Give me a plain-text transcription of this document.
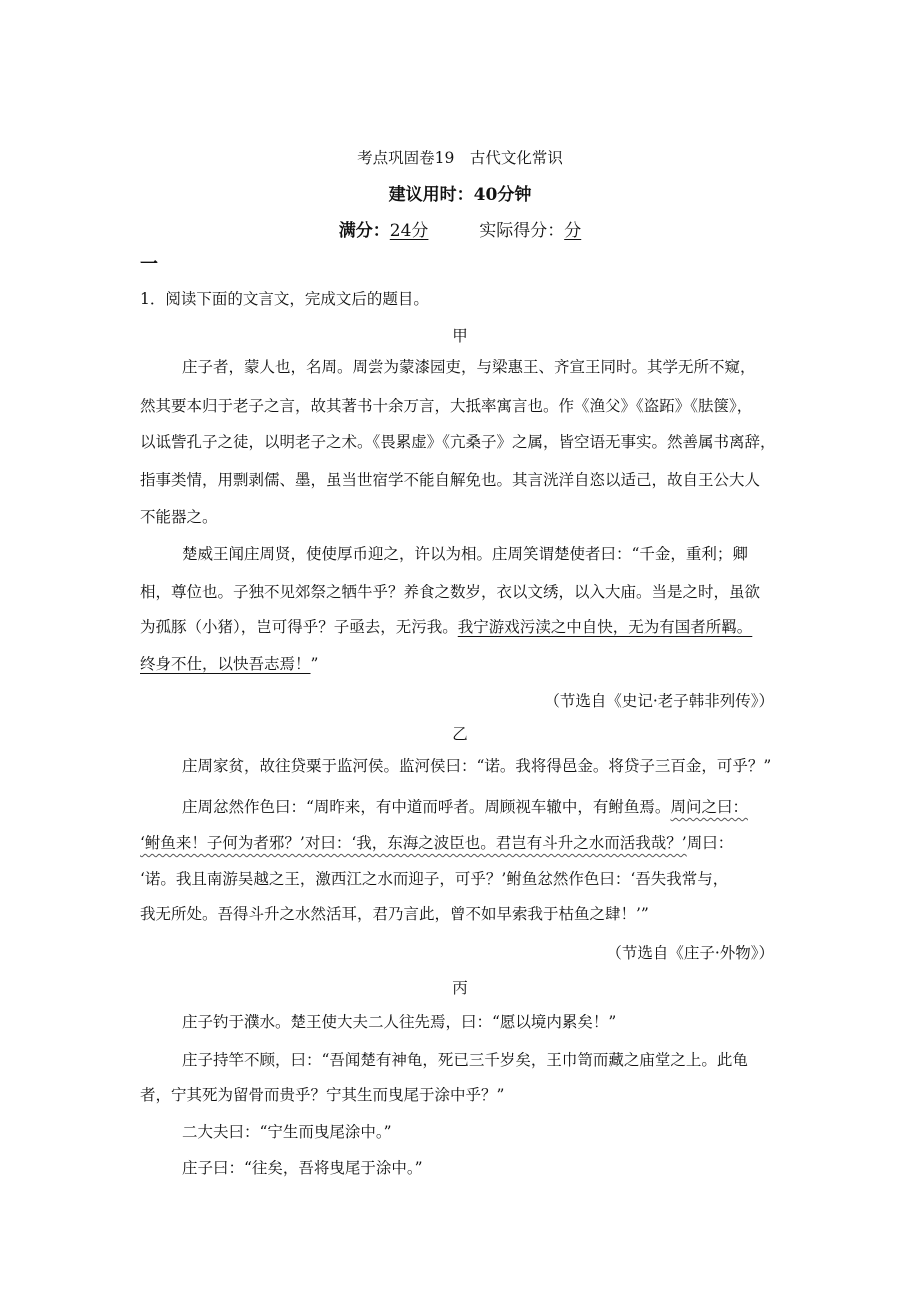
考点巩固卷19　古代文化常识
建议用时：40分钟
满分：24分	实际得分：分
一
1．阅读下面的文言文，完成文后的题目。
甲
庄子者，蒙人也，名周。周尝为蒙漆园吏，与梁惠王、齐宣王同时。其学无所不窥，
然其要本归于老子之言，故其著书十余万言，大抵率寓言也。作《渔父》《盗跖》《胠箧》，
以诋訾孔子之徒，以明老子之术。《畏累虚》《亢桑子》之属，皆空语无事实。然善属书离辞，
指事类情，用剽剥儒、墨，虽当世宿学不能自解免也。其言洸洋自恣以适己，故自王公大人
不能器之。
楚威王闻庄周贤，使使厚币迎之，许以为相。庄周笑谓楚使者曰：“千金，重利；卿
相，尊位也。子独不见郊祭之牺牛乎？养食之数岁，衣以文绣，以入大庙。当是之时，虽欲
为孤豚（小猪），岂可得乎？子亟去，无污我。我宁游戏污渎之中自快，无为有国者所羁。
终身不仕，以快吾志焉！”
（节选自《史记·老子韩非列传》）
乙
庄周家贫，故往贷粟于监河侯。监河侯曰：“诺。我将得邑金。将贷子三百金，可乎？”
庄周忿然作色曰：“周昨来，有中道而呼者。周顾视车辙中，有鲋鱼焉。周问之曰：
‘鲋鱼来！子何为者邪？’对曰：‘我，东海之波臣也。君岂有斗升之水而活我哉？’周曰：
‘诺。我且南游吴越之王，激西江之水而迎子，可乎？’鲋鱼忿然作色曰：‘吾失我常与，
我无所处。吾得斗升之水然活耳，君乃言此，曾不如早索我于枯鱼之肆！’”
（节选自《庄子·外物》）
丙
庄子钓于濮水。楚王使大夫二人往先焉，曰：“愿以境内累矣！”
庄子持竿不顾，曰：“吾闻楚有神龟，死已三千岁矣，王巾笥而藏之庙堂之上。此龟
者，宁其死为留骨而贵乎？宁其生而曳尾于涂中乎？”
二大夫曰：“宁生而曳尾涂中。”
庄子曰：“往矣，吾将曳尾于涂中。”
